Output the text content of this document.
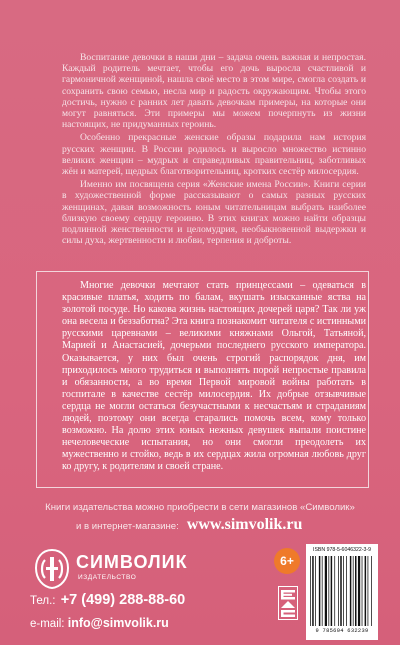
Воспитание девочки в наши дни – задача очень важная и непростая. Каждый родитель мечтает, чтобы его дочь выросла счастливой и гармоничной женщиной, нашла своё место в этом мире, смогла создать и сохранить свою семью, несла мир и радость окружающим. Чтобы этого достичь, нужно с ранних лет давать девочкам примеры, на которые они могут равняться. Эти примеры мы можем почерпнуть из жизни настоящих, не придуманных героинь.

Особенно прекрасные женские образы подарила нам история русских женщин. В России родилось и выросло множество истинно великих женщин – мудрых и справедливых правительниц, заботливых жён и матерей, щедрых благотворительниц, кротких сестёр милосердия.

Именно им посвящена серия «Женские имена России». Книги серии в художественной форме рассказывают о самых разных русских женщинах, давая возможность юным читательницам выбрать наиболее близкую своему сердцу героиню. В этих книгах можно найти образцы подлинной женственности и целомудрия, необыкновенной выдержки и силы духа, жертвенности и любви, терпения и доброты.

Многие девочки мечтают стать принцессами – одеваться в красивые платья, ходить по балам, вкушать изысканные яства на золотой посуде. Но какова жизнь настоящих дочерей царя? Так ли уж она весела и беззаботна? Эта книга познакомит читателя с истинными русскими царевнами – великими княжнами Ольгой, Татьяной, Марией и Анастасией, дочерьми последнего русского императора. Оказывается, у них был очень строгий распорядок дня, им приходилось много трудиться и выполнять порой непростые правила и обязанности, а во время Первой мировой войны работать в госпитале в качестве сестёр милосердия. Их добрые отзывчивые сердца не могли остаться безучастными к несчастьям и страданиям людей, поэтому они всегда старались помочь всем, кому только возможно. На долю этих юных нежных девушек выпали поистине нечеловеческие испытания, но они смогли преодолеть их мужественно и стойко, ведь в их сердцах жила огромная любовь друг ко другу, к родителям и своей стране.

Книги издательства можно приобрести в сети магазинов «Символик»
и в интернет-магазине: www.simvolik.ru
СИМВОЛИК
ИЗДАТЕЛЬСТВО
Тел.: +7 (499) 288-88-60
e-mail: info@simvolik.ru
6+
ISBN 978-5-6046322-3-9
9 785604 632239
